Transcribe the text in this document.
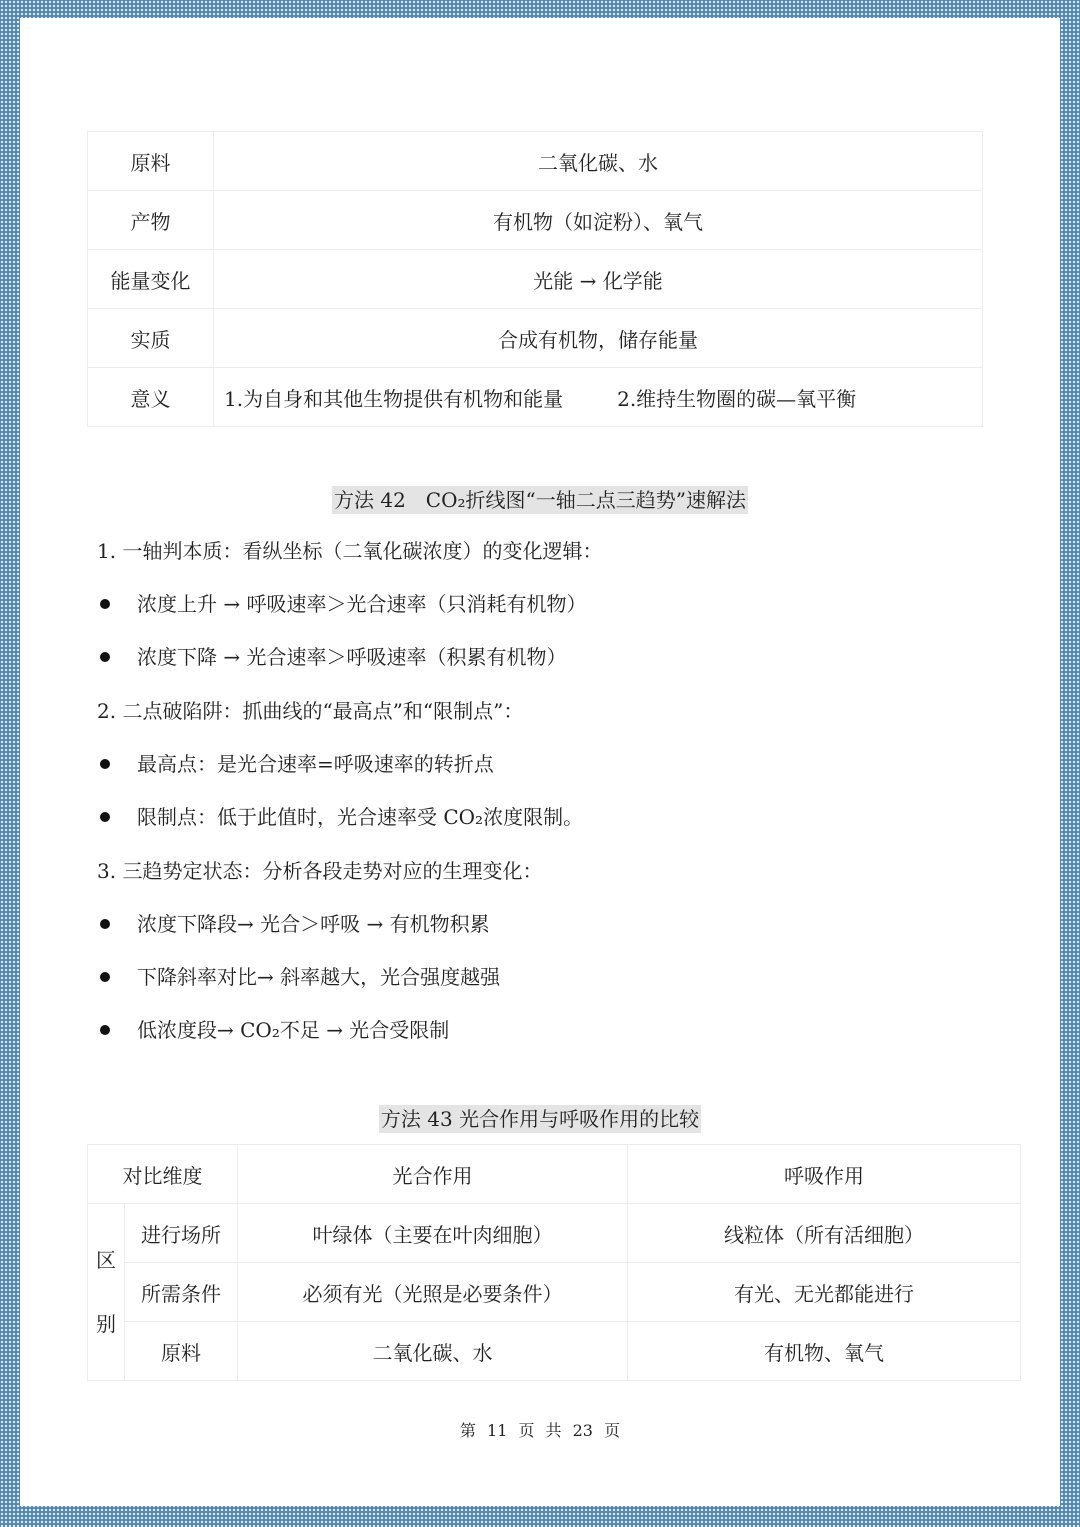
原料	二氧化碳、水
产物	有机物（如淀粉）、氧气
能量变化	光能 → 化学能
实质	合成有机物，储存能量
意义	1.为自身和其他生物提供有机物和能量 2.维持生物圈的碳—氧平衡
方法 42　CO₂折线图“一轴二点三趋势”速解法
1. 一轴判本质：看纵坐标（二氧化碳浓度）的变化逻辑：
浓度上升 → 呼吸速率＞光合速率（只消耗有机物）
浓度下降 → 光合速率＞呼吸速率（积累有机物）
2. 二点破陷阱：抓曲线的“最高点”和“限制点”：
最高点：是光合速率=呼吸速率的转折点
限制点：低于此值时，光合速率受 CO₂浓度限制。
3. 三趋势定状态：分析各段走势对应的生理变化：
浓度下降段→ 光合＞呼吸 → 有机物积累
下降斜率对比→ 斜率越大，光合强度越强
低浓度段→ CO₂不足 → 光合受限制
方法 43 光合作用与呼吸作用的比较
对比维度		光合作用	呼吸作用
区别	进行场所	叶绿体（主要在叶肉细胞）	线粒体（所有活细胞）
	所需条件	必须有光（光照是必要条件）	有光、无光都能进行
	原料	二氧化碳、水	有机物、氧气
第 11 页 共 23 页
